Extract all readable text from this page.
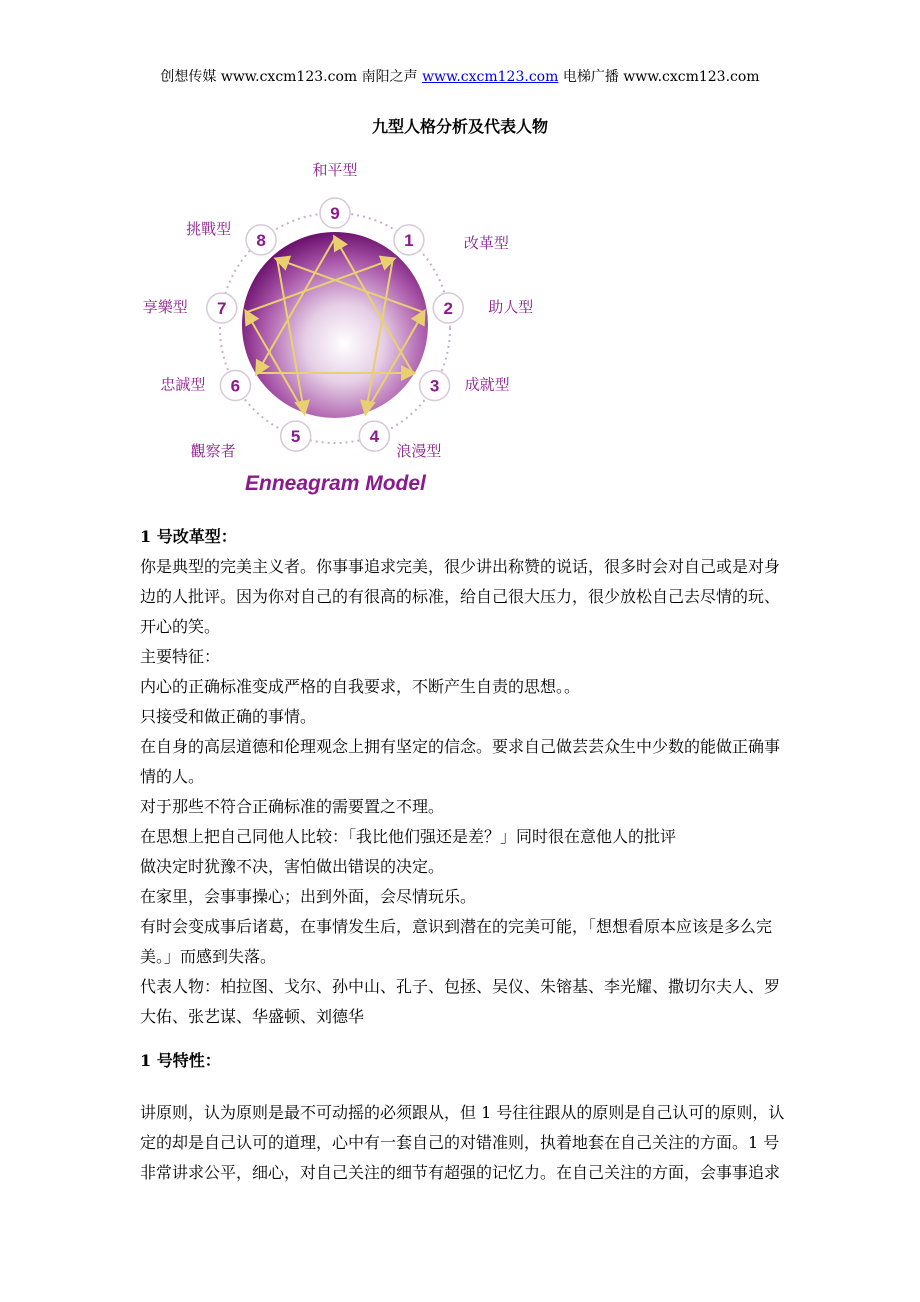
创想传媒 www.cxcm123.com 南阳之声 www.cxcm123.com 电梯广播 www.cxcm123.com
九型人格分析及代表人物
9
和平型
1	改革型
2 助人型
3 成就型
4
浪漫型
5
觀察者
6
忠誠型
7
享樂型
8
挑戰型
Enneagram Model
1 号改革型：

你是典型的完美主义者。你事事追求完美，很少讲出称赞的说话，很多时会对自己或是对身边的人批评。因为你对自己的有很高的标准，给自己很大压力，很少放松自己去尽情的玩、开心的笑。

主要特征：

内心的正确标准变成严格的自我要求，不断产生自责的思想。。

只接受和做正确的事情。

在自身的高层道德和伦理观念上拥有坚定的信念。要求自己做芸芸众生中少数的能做正确事情的人。

对于那些不符合正确标准的需要置之不理。

在思想上把自己同他人比较：「我比他们强还是差？」同时很在意他人的批评

做决定时犹豫不决，害怕做出错误的决定。

在家里，会事事操心；出到外面，会尽情玩乐。

有时会变成事后诸葛，在事情发生后，意识到潜在的完美可能，「想想看原本应该是多么完美。」而感到失落。

代表人物：柏拉图、戈尔、孙中山、孔子、包拯、吴仪、朱镕基、李光耀、撒切尔夫人、罗大佑、张艺谋、华盛顿、刘德华

1 号特性：

讲原则，认为原则是最不可动摇的必须跟从，但 1 号往往跟从的原则是自己认可的原则，认定的却是自己认可的道理，心中有一套自己的对错准则，执着地套在自己关注的方面。1 号非常讲求公平，细心，对自己关注的细节有超强的记忆力。在自己关注的方面，会事事追求
